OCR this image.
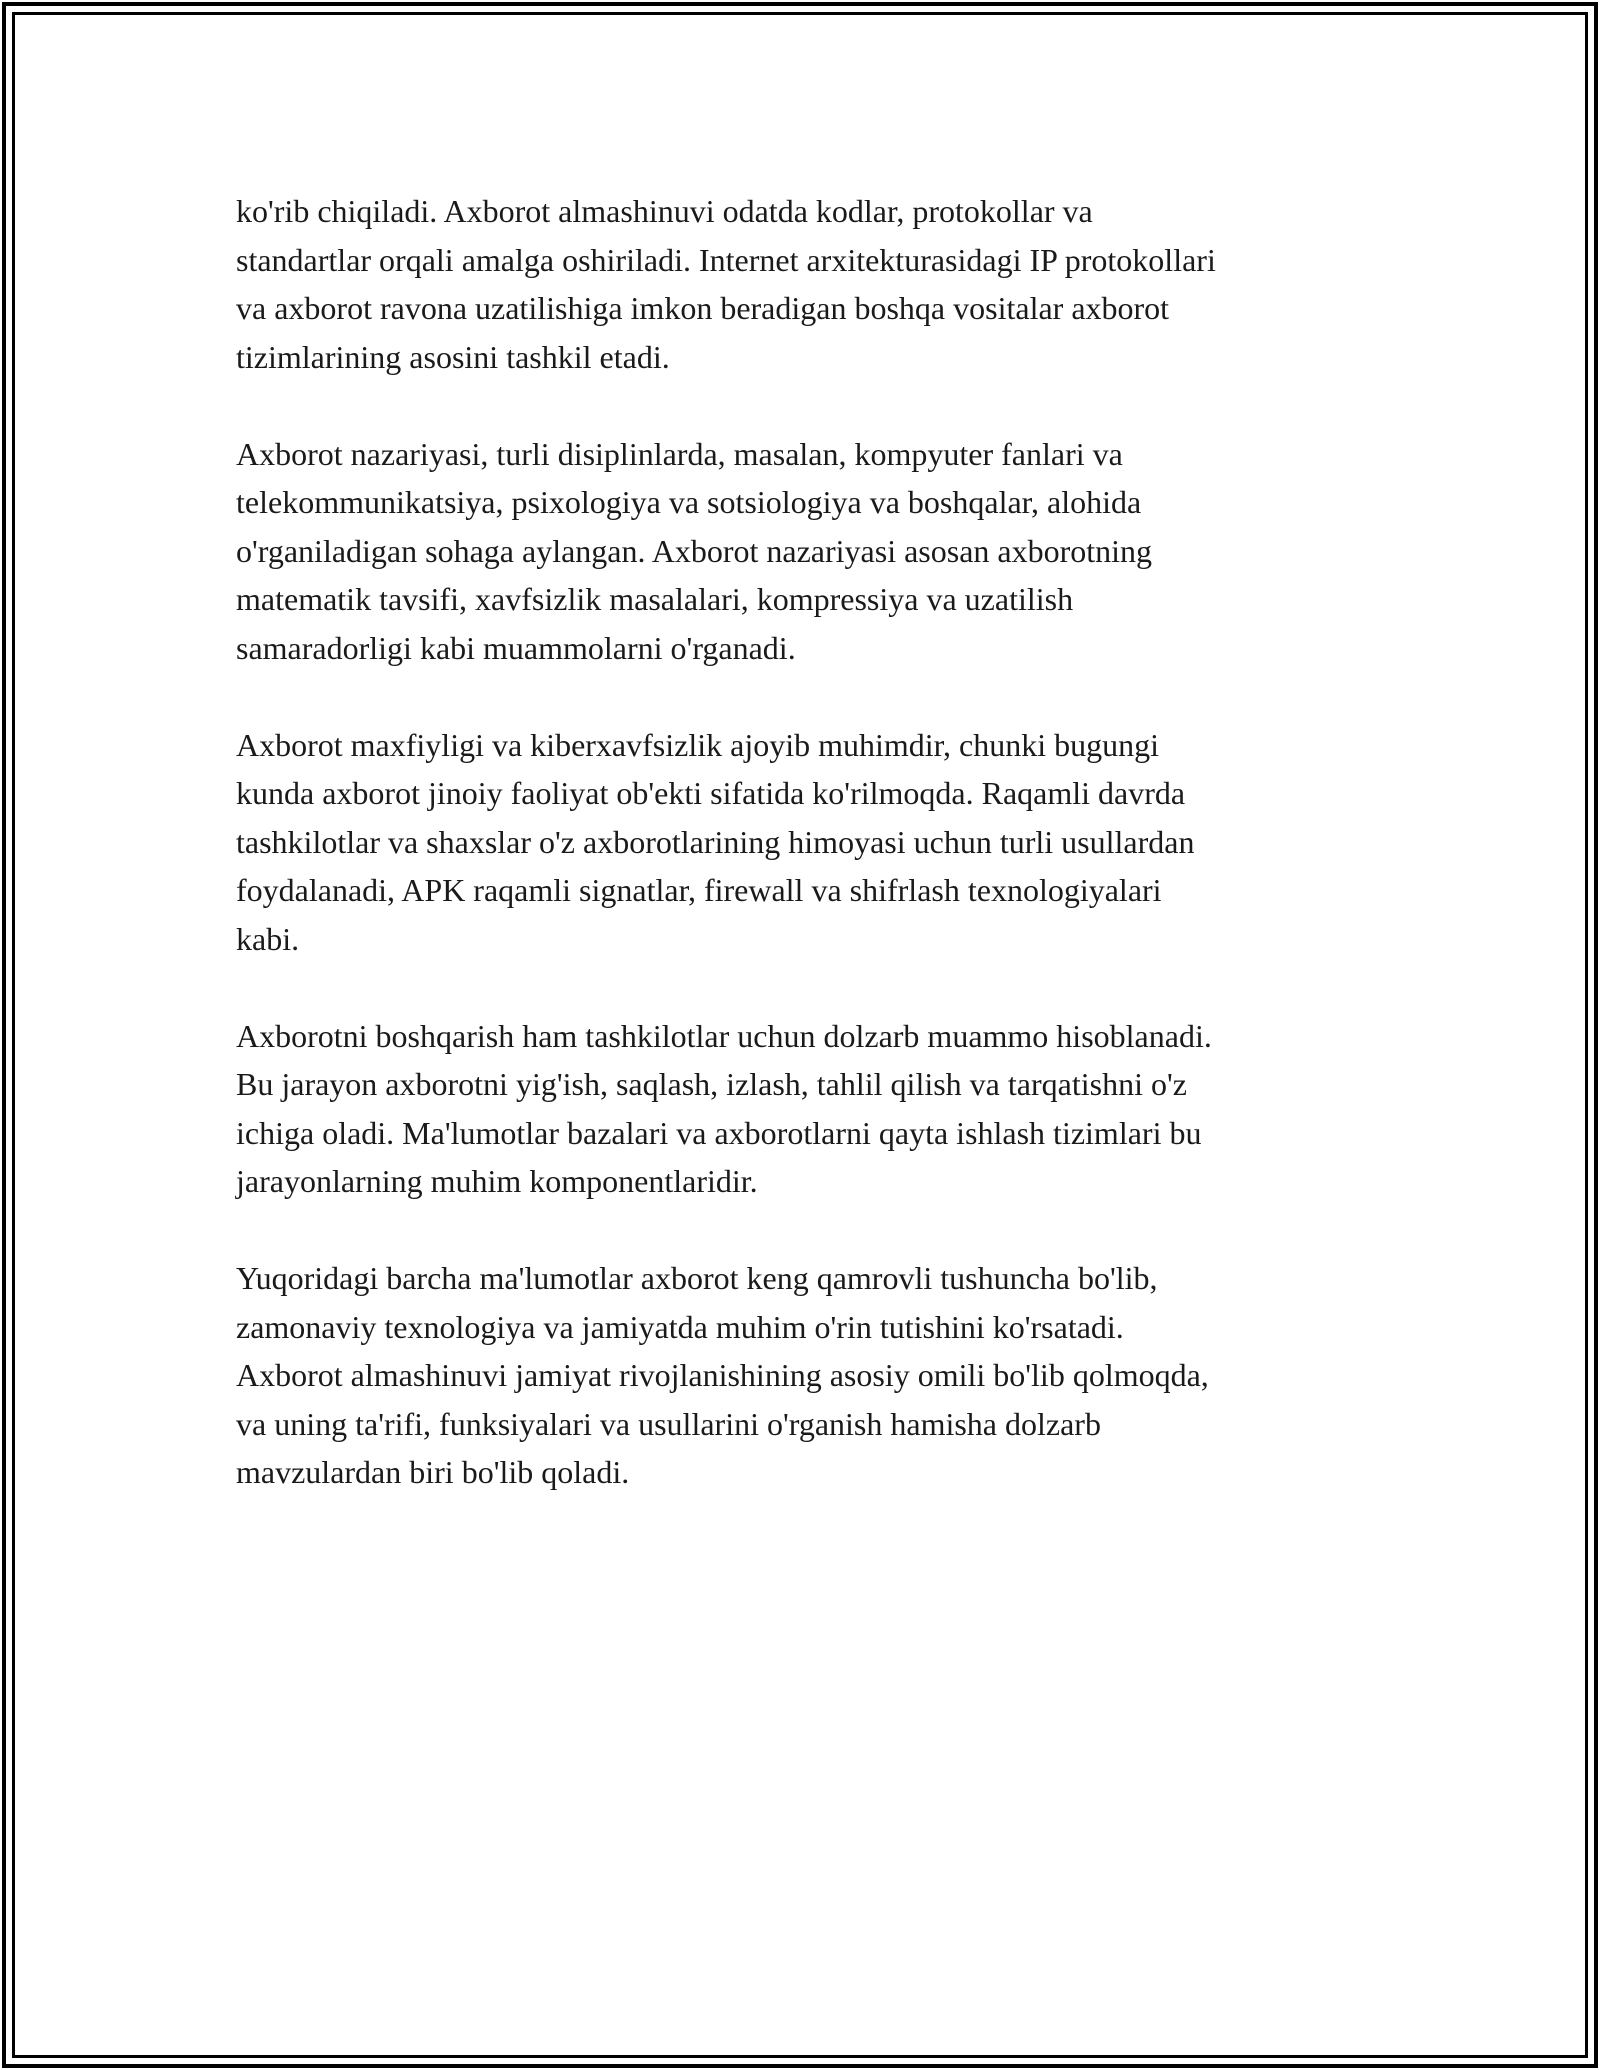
ko'rib chiqiladi. Axborot almashinuvi odatda kodlar, protokollar va
standartlar orqali amalga oshiriladi. Internet arxitekturasidagi IP protokollari
va axborot ravona uzatilishiga imkon beradigan boshqa vositalar axborot
tizimlarining asosini tashkil etadi.

Axborot nazariyasi, turli disiplinlarda, masalan, kompyuter fanlari va
telekommunikatsiya, psixologiya va sotsiologiya va boshqalar, alohida
o'rganiladigan sohaga aylangan. Axborot nazariyasi asosan axborotning
matematik tavsifi, xavfsizlik masalalari, kompressiya va uzatilish
samaradorligi kabi muammolarni o'rganadi.

Axborot maxfiyligi va kiberxavfsizlik ajoyib muhimdir, chunki bugungi
kunda axborot jinoiy faoliyat ob'ekti sifatida ko'rilmoqda. Raqamli davrda
tashkilotlar va shaxslar o'z axborotlarining himoyasi uchun turli usullardan
foydalanadi, APK raqamli signatlar, firewall va shifrlash texnologiyalari
kabi.

Axborotni boshqarish ham tashkilotlar uchun dolzarb muammo hisoblanadi.
Bu jarayon axborotni yig'ish, saqlash, izlash, tahlil qilish va tarqatishni o'z
ichiga oladi. Ma'lumotlar bazalari va axborotlarni qayta ishlash tizimlari bu
jarayonlarning muhim komponentlaridir.

Yuqoridagi barcha ma'lumotlar axborot keng qamrovli tushuncha bo'lib,
zamonaviy texnologiya va jamiyatda muhim o'rin tutishini ko'rsatadi.
Axborot almashinuvi jamiyat rivojlanishining asosiy omili bo'lib qolmoqda,
va uning ta'rifi, funksiyalari va usullarini o'rganish hamisha dolzarb
mavzulardan biri bo'lib qoladi.
